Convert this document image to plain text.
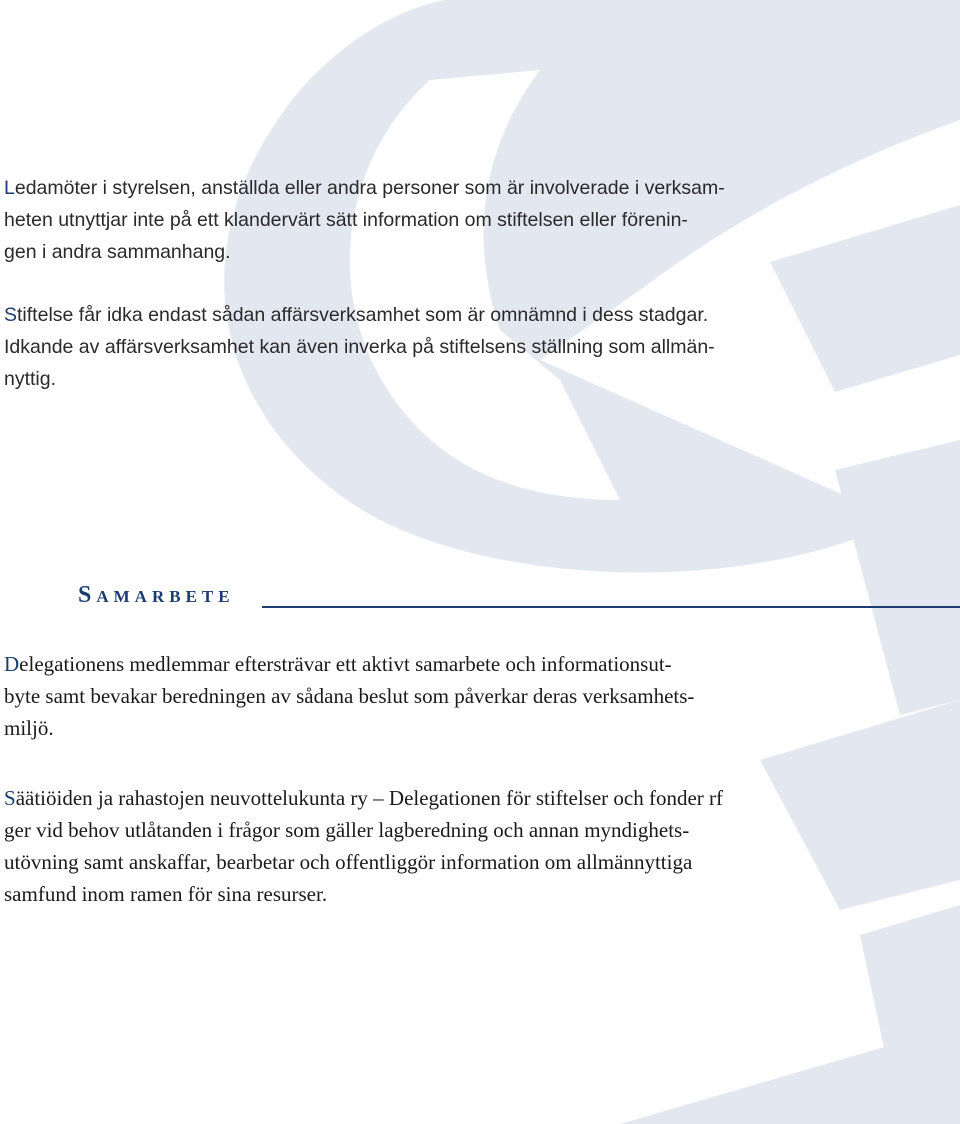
Ledamöter i styrelsen, anställda eller andra personer som är involverade i verksam-
heten utnyttjar inte på ett klandervärt sätt information om stiftelsen eller förenin-
gen i andra sammanhang.

Stiftelse får idka endast sådan affärsverksamhet som är omnämnd i dess stadgar.
Idkande av affärsverksamhet kan även inverka på stiftelsens ställning som allmän-
nyttig.

Samarbete

Delegationens medlemmar eftersträvar ett aktivt samarbete och informationsut-
byte samt bevakar beredningen av sådana beslut som påverkar deras verksamhets-
miljö.

Säätiöiden ja rahastojen neuvottelukunta ry – Delegationen för stiftelser och fonder rf
ger vid behov utlåtanden i frågor som gäller lagberedning och annan myndighets-
utövning samt anskaffar, bearbetar och offentliggör information om allmännyttiga
samfund inom ramen för sina resurser.
